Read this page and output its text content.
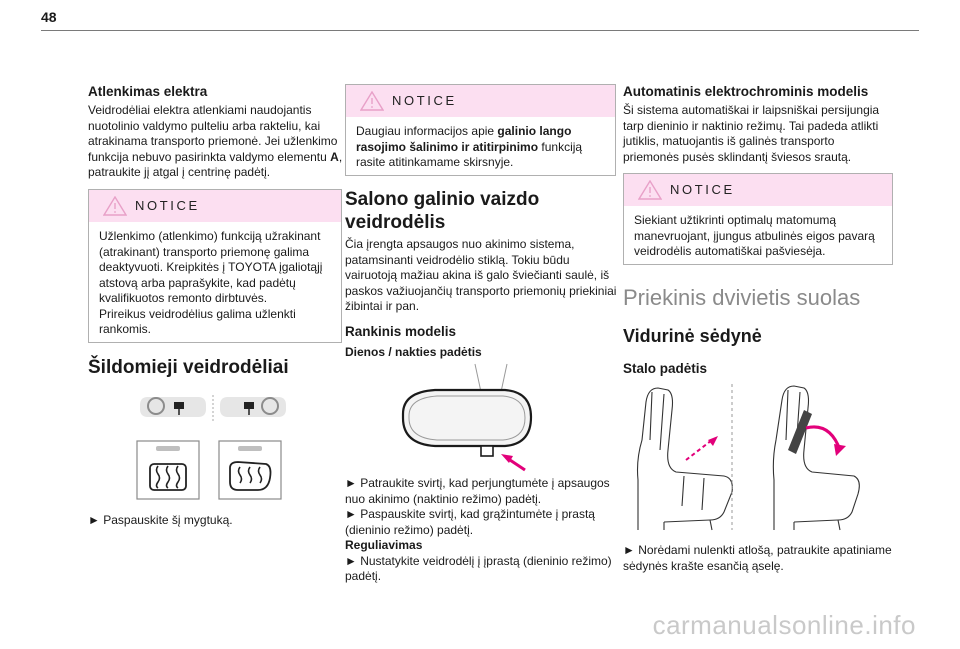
48
Atlenkimas elektra
Veidrodėliai elektra atlenkiami naudojantis nuotolinio valdymo pulteliu arba rakteliu, kai atrakinama transporto priemonė. Jei užlenkimo funkcija nebuvo pasirinkta valdymo elementu A, patraukite jį atgal į centrinę padėtį.
NOTICE
Užlenkimo (atlenkimo) funkciją užrakinant (atrakinant) transporto priemonę galima deaktyvuoti. Kreipkitės į TOYOTA įgaliotąjį atstovą arba paprašykite, kad padėtų kvalifikuotos remonto dirbtuvės.
Prireikus veidrodėlius galima užlenkti rankomis.
Šildomieji veidrodėliai
► Paspauskite šį mygtuką.
NOTICE
Daugiau informacijos apie galinio lango rasojimo šalinimo ir atitirpinimo funkciją rasite atitinkamame skirsnyje.
Salono galinio vaizdo
veidrodėlis
Čia įrengta apsaugos nuo akinimo sistema, patamsinanti veidrodėlio stiklą. Tokiu būdu vairuotoją mažiau akina iš galo šviečianti saulė, iš paskos važiuojančių transporto priemonių priekiniai žibintai ir pan.
Rankinis modelis
Dienos / nakties padėtis
► Patraukite svirtį, kad perjungtumėte į apsaugos nuo akinimo (naktinio režimo) padėtį.
► Paspauskite svirtį, kad grąžintumėte į prastą (dieninio režimo) padėtį.
Reguliavimas
► Nustatykite veidrodėlį į įprastą (dieninio režimo) padėtį.
Automatinis elektrochrominis modelis
Ši sistema automatiškai ir laipsniškai persijungia tarp dieninio ir naktinio režimų. Tai padeda atlikti jutiklis, matuojantis iš galinės transporto priemonės pusės sklindantį šviesos srautą.
NOTICE
Siekiant užtikrinti optimalų matomumą manevruojant, įjungus atbulinės eigos pavarą veidrodėlis automatiškai pašviesėja.
Priekinis dvivietis suolas
Vidurinė sėdynė
Stalo padėtis
► Norėdami nulenkti atlošą, patraukite apatiniame sėdynės krašte esančią ąselę.
carmanualsonline.info
